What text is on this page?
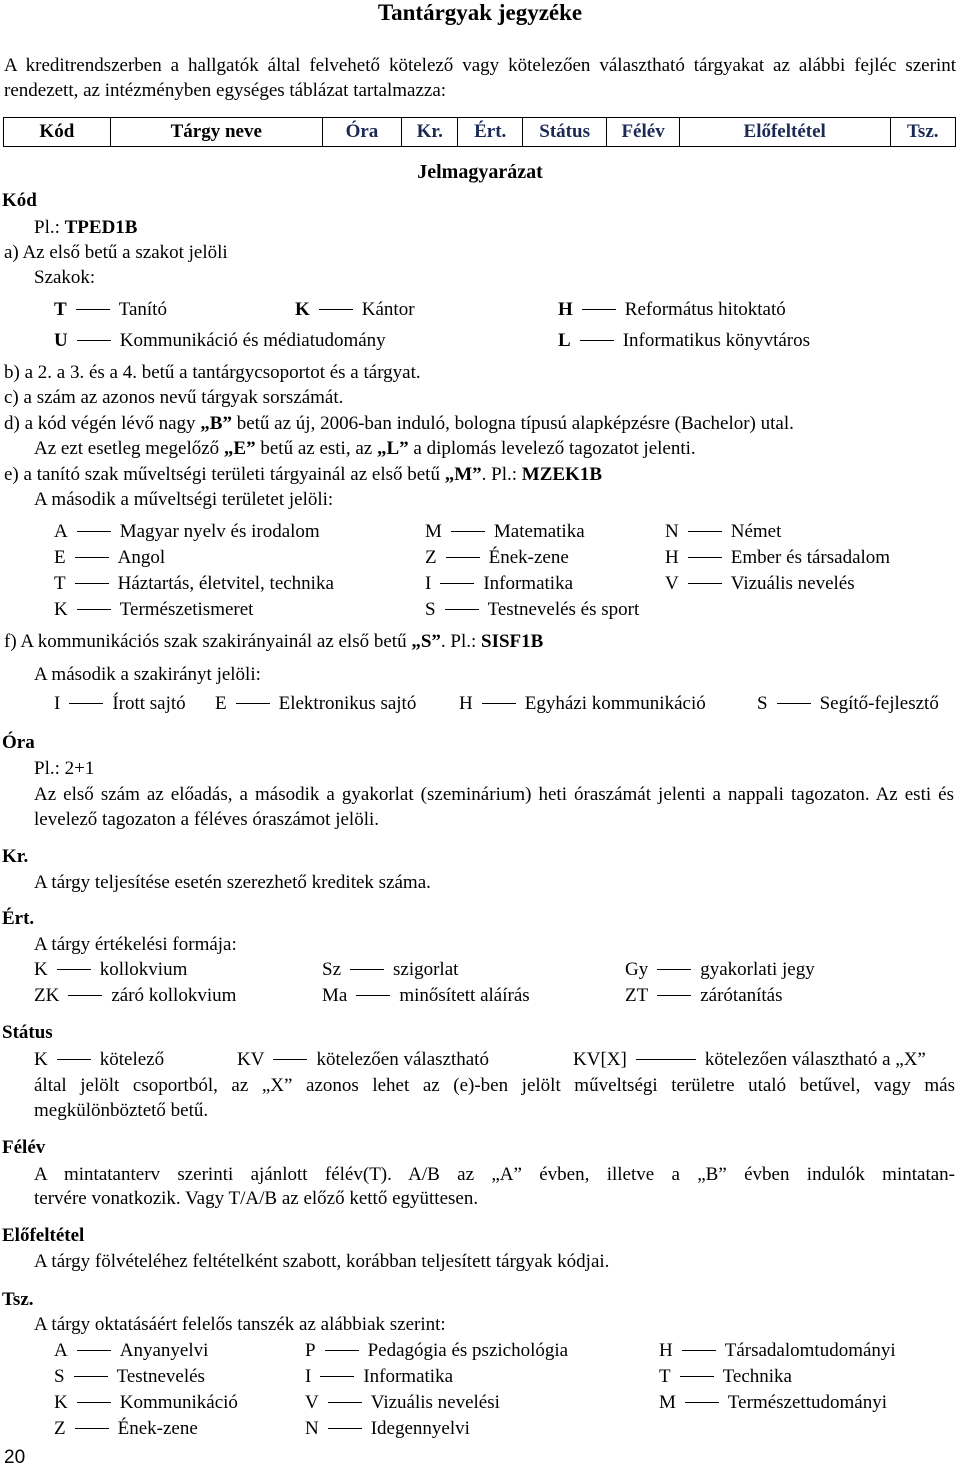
Tantárgyak jegyzéke
A kreditrendszerben a hallgatók által felvehető kötelező vagy kötelezően választható tárgyakat az alábbi fejléc szerint rendezett, az intézményben egységes táblázat tartalmazza:
Kód	Tárgy neve	Óra	Kr.	Ért.	Státus	Félév	Előfeltétel	Tsz.
Jelmagyarázat
Kód
Pl.: TPED1B
a) Az első betű a szakot jelöli
Szakok:
T	Tanító	K	Kántor	H	Református hitoktató
U	Kommunikáció és médiatudomány	L	Informatikus könyvtáros
b) a 2. a 3. és a 4. betű a tantárgycsoportot és a tárgyat.
c) a szám az azonos nevű tárgyak sorszámát.
d) a kód végén lévő nagy „B” betű az új, 2006-ban induló, bologna típusú alapképzésre (Bachelor) utal.
Az ezt esetleg megelőző „E” betű az esti, az „L” a diplomás levelező tagozatot jelenti.
e) a tanító szak műveltségi területi tárgyainál az első betű „M”. Pl.: MZEK1B
A második a műveltségi területet jelöli:
A	Magyar nyelv és irodalom	M	Matematika	N	Német
E	Angol	Z	Ének-zene	H	Ember és társadalom
T	Háztartás, életvitel, technika	I	Informatika	V	Vizuális nevelés
K	Természetismeret	S	Testnevelés és sport
f) A kommunikációs szak szakirányainál az első betű „S”. Pl.: SISF1B
A második a szakirányt jelöli:
I	Írott sajtó E	Elektronikus sajtó H	Egyházi kommunikáció	S	Segítő-fejlesztő
Óra
Pl.: 2+1
Az első szám az előadás, a második a gyakorlat (szeminárium) heti óraszámát jelenti a nappali tagozaton. Az esti és levelező tagozaton a féléves óraszámot jelöli.
Kr.
A tárgy teljesítése esetén szerezhető kreditek száma.
Ért.
A tárgy értékelési formája:
K	kollokvium	Sz	szigorlat	Gy	gyakorlati jegy
ZK	záró kollokvium	Ma	minősített aláírás	ZT	zárótanítás
Státus
K	kötelező	KV	kötelezően választható	KV[X]	kötelezően választható a „X”
által jelölt csoportból, az „X” azonos lehet az (e)-ben jelölt műveltségi területre utaló betűvel, vagy más megkülönböztető betű.
Félév
A mintatanterv szerinti ajánlott félév(T). A/B az „A” évben, illetve a „B” évben indulók mintatan-
tervére vonatkozik. Vagy T/A/B az előző kettő együttesen.
Előfeltétel
A tárgy fölvételéhez feltételként szabott, korábban teljesített tárgyak kódjai.
Tsz.
A tárgy oktatásáért felelős tanszék az alábbiak szerint:
A	Anyanyelvi	P	Pedagógia és pszichológia	H	Társadalomtudományi
S	Testnevelés	I	Informatika	T	Technika
K	Kommunikáció	V	Vizuális nevelési	M	Természettudományi
Z	Ének-zene	N	Idegennyelvi
20
